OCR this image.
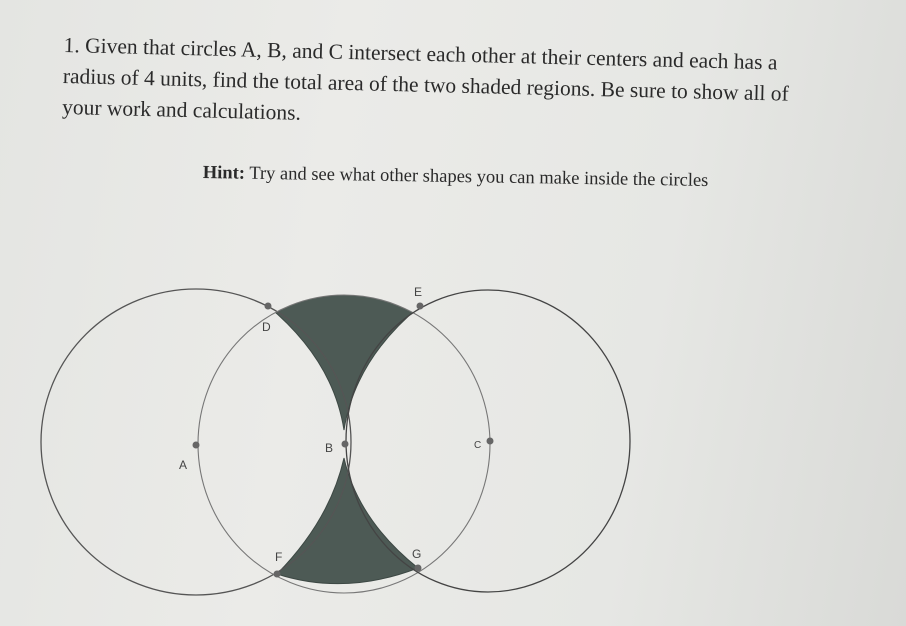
1. Given that circles A, B, and C intersect each other at their centers and each has a radius of 4 units, find the total area of the two shaded regions. Be sure to show all of your work and calculations.

Hint: Try and see what other shapes you can make inside the circles

A
B	C
D
E
F	G
